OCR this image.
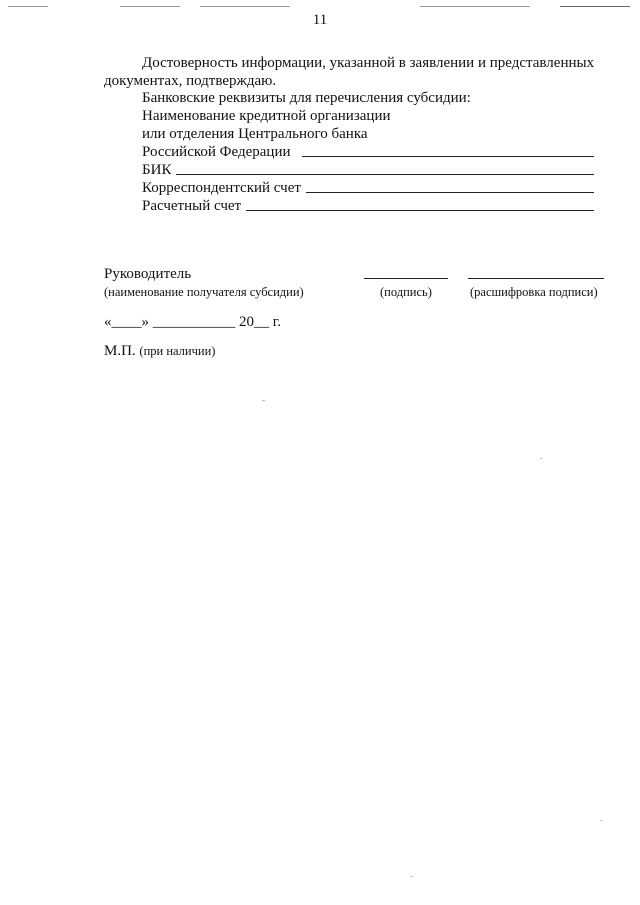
11
Достоверность информации, указанной в заявлении и представленных
документах, подтверждаю.
Банковские реквизиты для перечисления субсидии:
Наименование кредитной организации
или отделения Центрального банка
Российской Федерации
БИК
Корреспондентский счет
Расчетный счет
Руководитель
(наименование получателя субсидии)	(подпись)	(расшифровка подписи)
«____» ___________ 20__ г.
М.П. (при наличии)
